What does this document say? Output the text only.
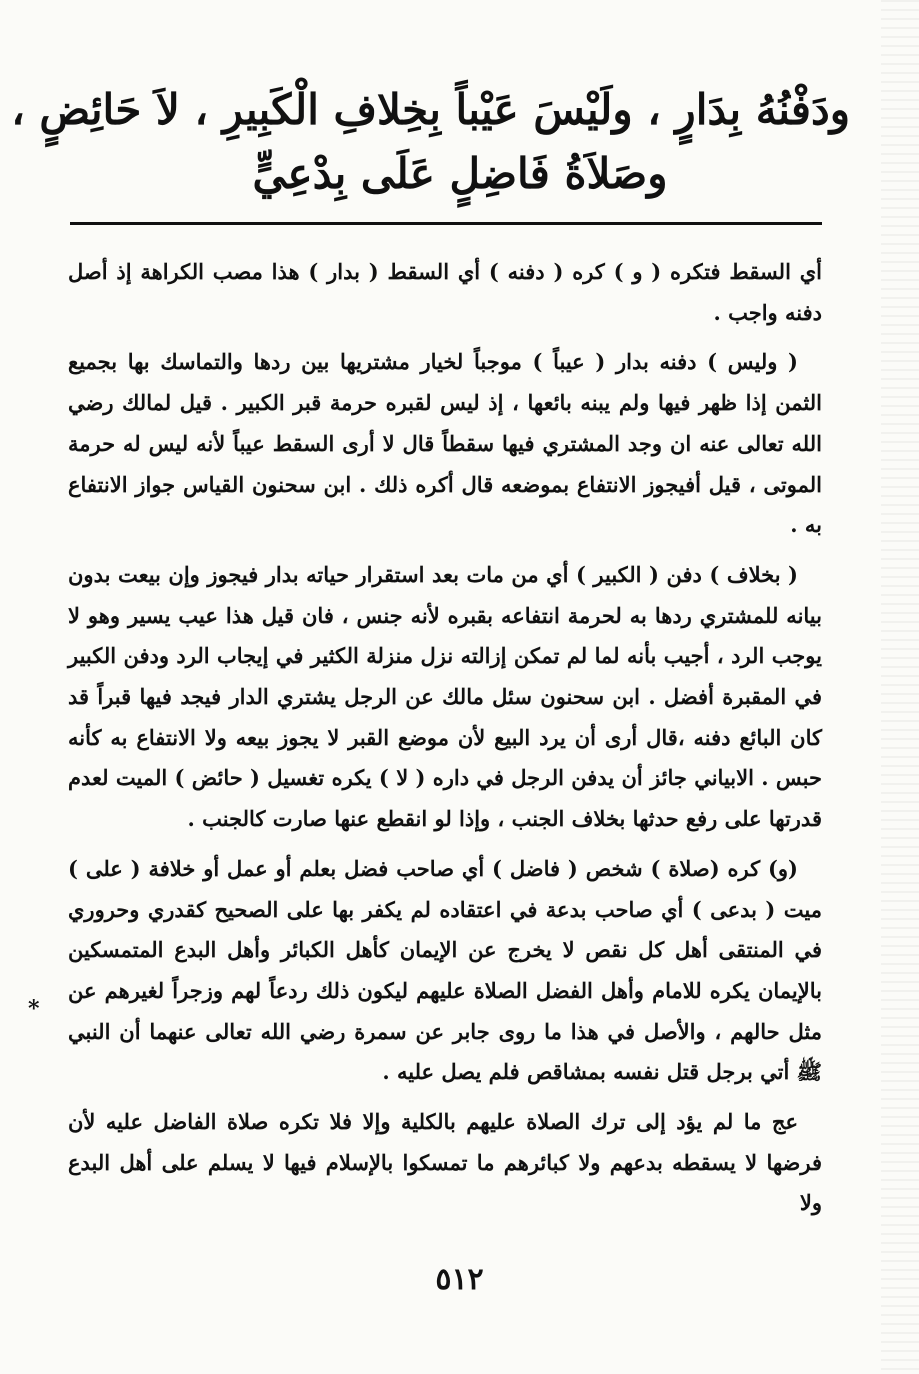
ودَفْنُهُ بِدَارٍ ، ولَيْسَ عَيْباً بِخِلافِ الْكَبِيرِ ، لاَ حَائِضٍ ،
وصَلاَةُ فَاضِلٍ عَلَى بِدْعِيٍّ

أي السقط فتكره ( و ) كره ( دفنه ) أي السقط ( بدار ) هذا مصب الكراهة إذ أصل دفنه واجب .

( وليس ) دفنه بدار ( عيباً ) موجباً لخيار مشتريها بين ردها والتماسك بها بجميع الثمن إذا ظهر فيها ولم يبنه بائعها ، إذ ليس لقبره حرمة قبر الكبير . قيل لمالك رضي الله تعالى عنه ان وجد المشتري فيها سقطاً قال لا أرى السقط عيباً لأنه ليس له حرمة الموتى ، قيل أفيجوز الانتفاع بموضعه قال أكره ذلك . ابن سحنون القياس جواز الانتفاع به .

( بخلاف ) دفن ( الكبير ) أي من مات بعد استقرار حياته بدار فيجوز وإن بيعت بدون بيانه للمشتري ردها به لحرمة انتفاعه بقبره لأنه جنس ، فان قيل هذا عيب يسير وهو لا يوجب الرد ، أجيب بأنه لما لم تمكن إزالته نزل منزلة الكثير في إيجاب الرد ودفن الكبير في المقبرة أفضل . ابن سحنون سئل مالك عن الرجل يشتري الدار فيجد فيها قبراً قد كان البائع دفنه ،قال أرى أن يرد البيع لأن موضع القبر لا يجوز بيعه ولا الانتفاع به كأنه حبس . الابياني جائز أن يدفن الرجل في داره ( لا ) يكره تغسيل ( حائض ) الميت لعدم قدرتها على رفع حدثها بخلاف الجنب ، وإذا لو انقطع عنها صارت كالجنب .

(و) كره (صلاة ) شخص ( فاضل ) أي صاحب فضل بعلم أو عمل أو خلافة ( على ) ميت ( بدعى ) أي صاحب بدعة في اعتقاده لم يكفر بها على الصحيح كقدري وحروري في المنتقى أهل كل نقص لا يخرج عن الإيمان كأهل الكبائر وأهل البدع المتمسكين بالإيمان يكره للامام وأهل الفضل الصلاة عليهم ليكون ذلك ردعاً لهم وزجراً لغيرهم عن مثل حالهم ، والأصل في هذا ما روى جابر عن سمرة رضي الله تعالى عنهما أن النبي ﷺ أتي برجل قتل نفسه بمشاقص فلم يصل عليه .

عج ما لم يؤد إلى ترك الصلاة عليهم بالكلية وإلا فلا تكره صلاة الفاضل عليه لأن فرضها لا يسقطه بدعهم ولا كبائرهم ما تمسكوا بالإسلام فيها لا يسلم على أهل البدع ولا

*
٥١٢
